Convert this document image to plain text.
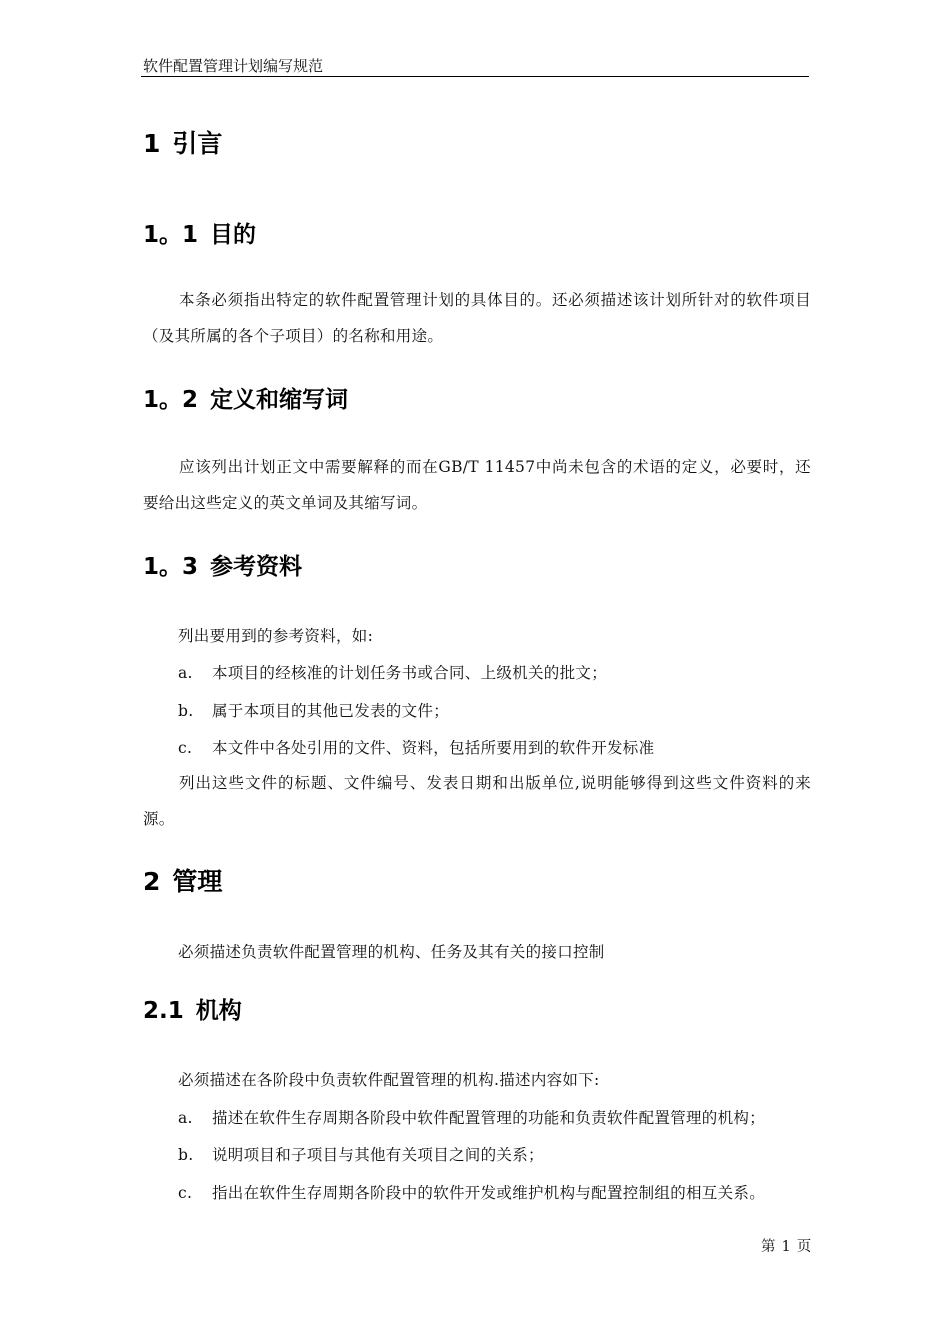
软件配置管理计划编写规范
1 引言
1。1 目的
本条必须指出特定的软件配置管理计划的具体目的。还必须描述该计划所针对的软件项目（及其所属的各个子项目）的名称和用途。
1。2 定义和缩写词
应该列出计划正文中需要解释的而在GB/T 11457中尚未包含的术语的定义，必要时，还要给出这些定义的英文单词及其缩写词。
1。3 参考资料
列出要用到的参考资料，如:
a. 本项目的经核准的计划任务书或合同、上级机关的批文；
b. 属于本项目的其他已发表的文件；
c. 本文件中各处引用的文件、资料，包括所要用到的软件开发标准
列出这些文件的标题、文件编号、发表日期和出版单位,说明能够得到这些文件资料的来源。
2 管理
必须描述负责软件配置管理的机构、任务及其有关的接口控制
2.1 机构
必须描述在各阶段中负责软件配置管理的机构.描述内容如下:
a. 描述在软件生存周期各阶段中软件配置管理的功能和负责软件配置管理的机构；
b. 说明项目和子项目与其他有关项目之间的关系；
c. 指出在软件生存周期各阶段中的软件开发或维护机构与配置控制组的相互关系。
第 1 页
